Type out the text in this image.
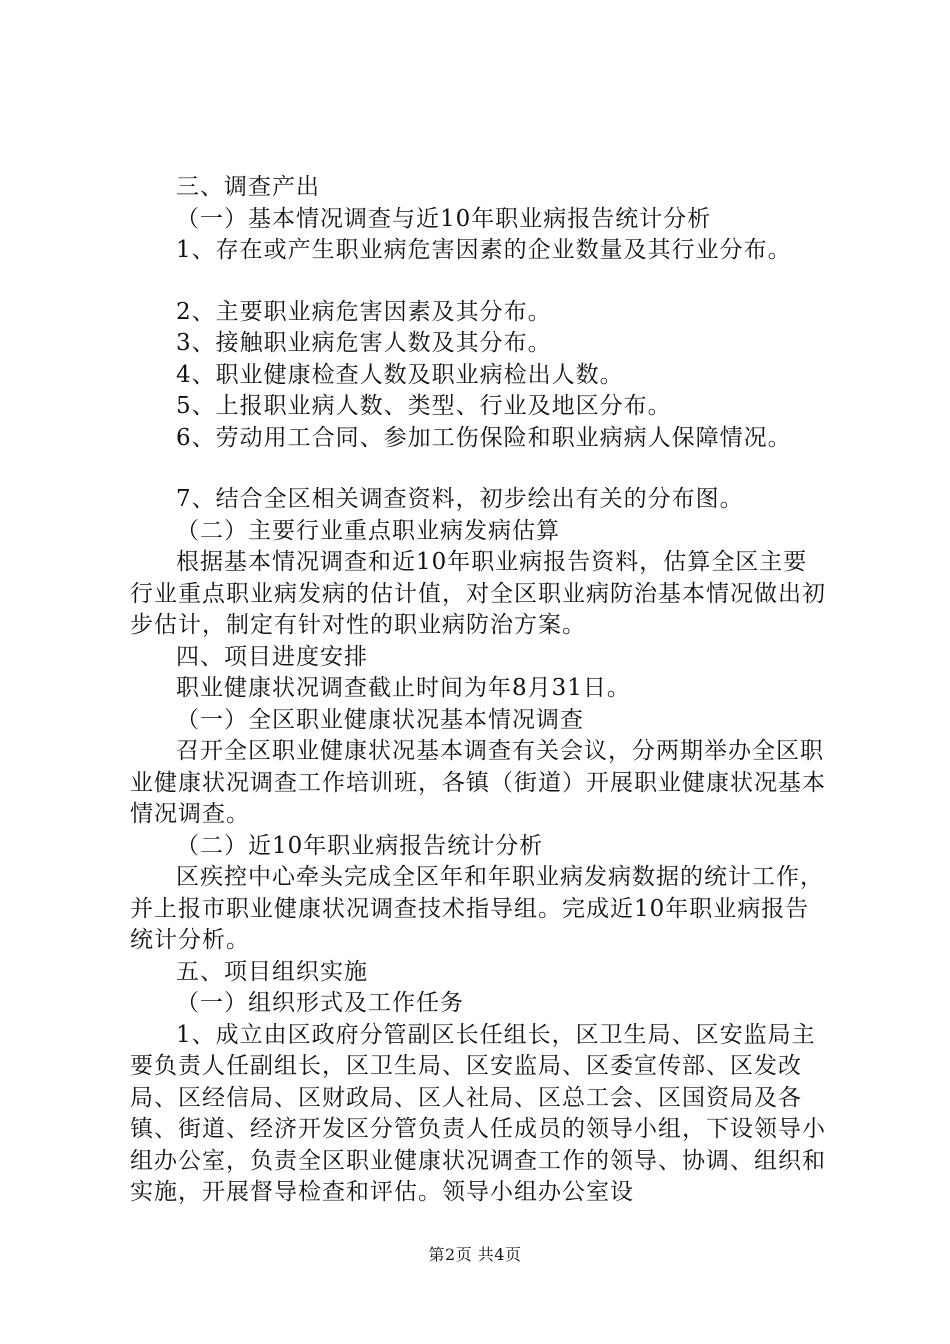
三、调查产出

（一）基本情况调查与近10年职业病报告统计分析

1、存在或产生职业病危害因素的企业数量及其行业分布。

2、主要职业病危害因素及其分布。

3、接触职业病危害人数及其分布。

4、职业健康检查人数及职业病检出人数。

5、上报职业病人数、类型、行业及地区分布。

6、劳动用工合同、参加工伤保险和职业病病人保障情况。

7、结合全区相关调查资料，初步绘出有关的分布图。

（二）主要行业重点职业病发病估算

根据基本情况调查和近10年职业病报告资料，估算全区主要行业重点职业病发病的估计值，对全区职业病防治基本情况做出初步估计，制定有针对性的职业病防治方案。

四、项目进度安排

职业健康状况调查截止时间为年8月31日。

（一）全区职业健康状况基本情况调查

召开全区职业健康状况基本调查有关会议，分两期举办全区职业健康状况调查工作培训班，各镇（街道）开展职业健康状况基本情况调查。

（二）近10年职业病报告统计分析

区疾控中心牵头完成全区年和年职业病发病数据的统计工作，并上报市职业健康状况调查技术指导组。完成近10年职业病报告统计分析。

五、项目组织实施

（一）组织形式及工作任务

1、成立由区政府分管副区长任组长，区卫生局、区安监局主要负责人任副组长，区卫生局、区安监局、区委宣传部、区发改局、区经信局、区财政局、区人社局、区总工会、区国资局及各镇、街道、经济开发区分管负责人任成员的领导小组，下设领导小组办公室，负责全区职业健康状况调查工作的领导、协调、组织和实施，开展督导检查和评估。领导小组办公室设

第2页 共4页
